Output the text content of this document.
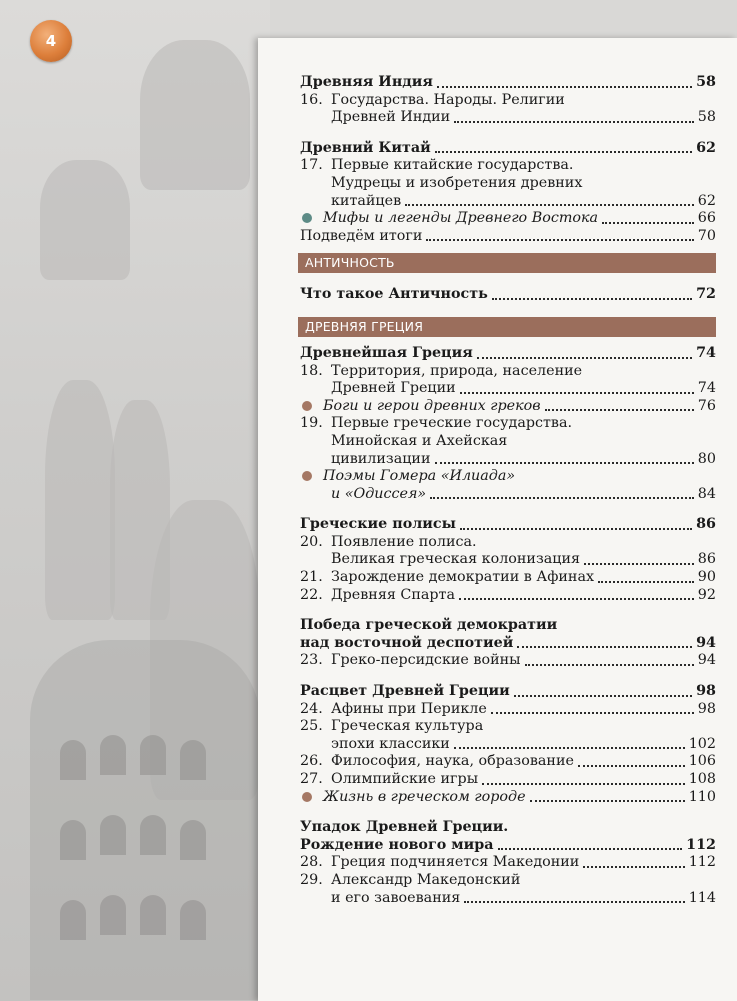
4
Древняя Индия	58
16. Государства. Народы. Религии
Древней Индии	58
Древний Китай	62
17. Первые китайские государства.
Мудрецы и изобретения древних
китайцев	62
Мифы и легенды Древнего Востока	66
Подведём итоги	70
АНТИЧНОСТЬ
Что такое Античность	72
ДРЕВНЯЯ ГРЕЦИЯ
Древнейшая Греция	74
18. Территория, природа, население
Древней Греции	74
Боги и герои древних греков	76
19. Первые греческие государства.
Минойская и Ахейская
цивилизации	80
Поэмы Гомера «Илиада»
и «Одиссея»	84
Греческие полисы	86
20. Появление полиса.
Великая греческая колонизация	86
21. Зарождение демократии в Афинах	90
22. Древняя Спарта	92
Победа греческой демократии
над восточной деспотией	94
23. Греко-персидские войны	94
Расцвет Древней Греции	98
24. Афины при Перикле	98
25. Греческая культура
эпохи классики	102
26. Философия, наука, образование	106
27. Олимпийские игры	108
Жизнь в греческом городе	110
Упадок Древней Греции.
Рождение нового мира	112
28. Греция подчиняется Македонии	112
29. Александр Македонский
и его завоевания	114
